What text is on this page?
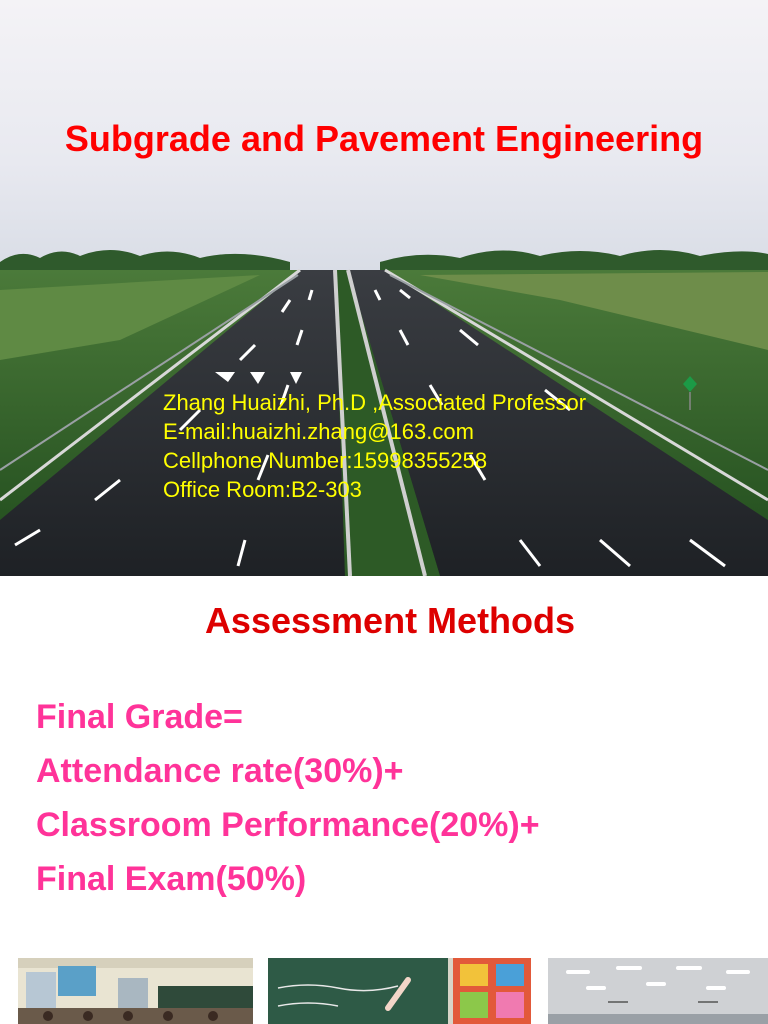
Subgrade and Pavement Engineering
Zhang Huaizhi, Ph.D ,Associated Professor
E-mail:huaizhi.zhang@163.com
Cellphone Number:15998355258
Office Room:B2-303
Assessment Methods
Final Grade=
Attendance rate(30%)+
Classroom Performance(20%)+
Final Exam(50%)
